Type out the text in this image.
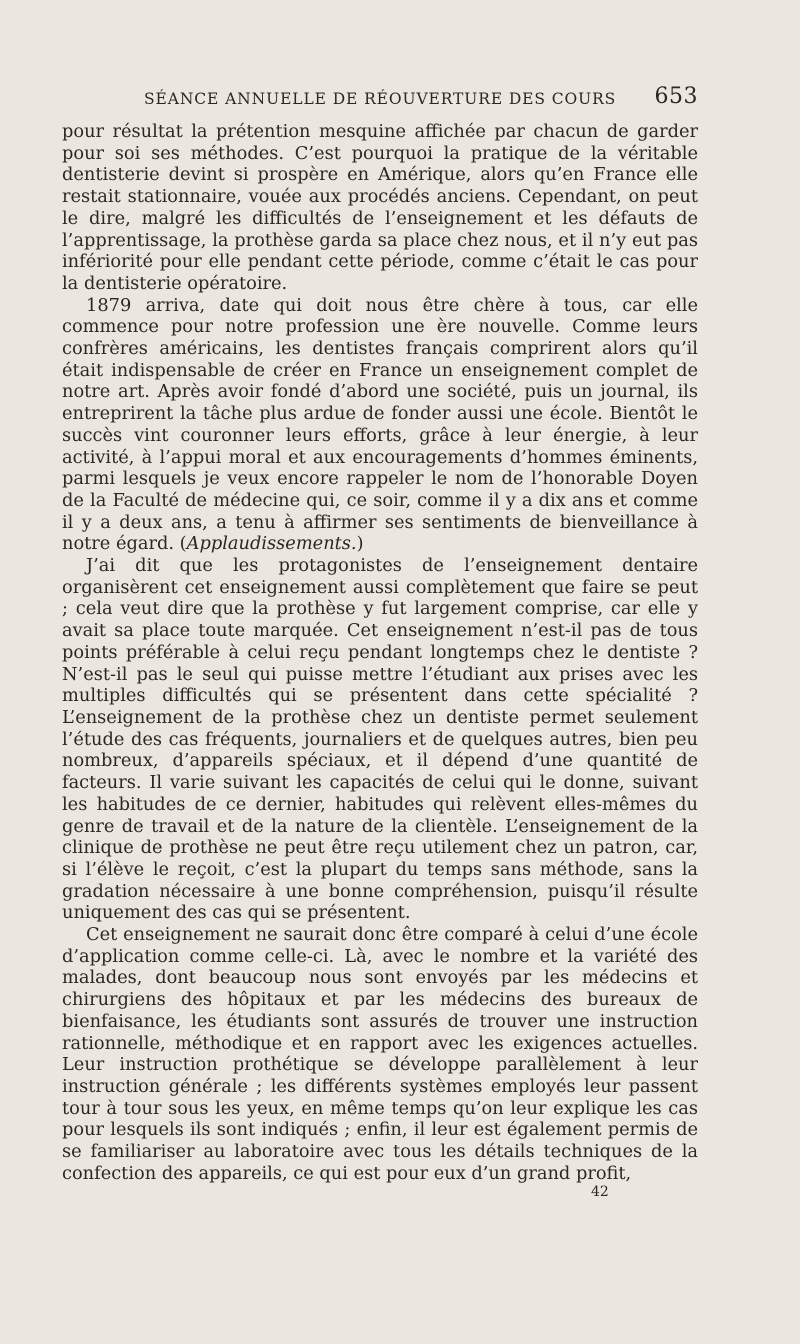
SÉANCE ANNUELLE DE RÉOUVERTURE DES COURS 653

pour résultat la prétention mesquine affichée par chacun de garder pour soi ses méthodes. C’est pourquoi la pratique de la véritable dentisterie devint si prospère en Amérique, alors qu’en France elle restait stationnaire, vouée aux procédés anciens. Cependant, on peut le dire, malgré les difficultés de l’enseignement et les défauts de l’apprentissage, la prothèse garda sa place chez nous, et il n’y eut pas infériorité pour elle pendant cette période, comme c’était le cas pour la dentisterie opératoire.

1879 arriva, date qui doit nous être chère à tous, car elle commence pour notre profession une ère nouvelle. Comme leurs confrères américains, les dentistes français comprirent alors qu’il était indispensable de créer en France un enseignement complet de notre art. Après avoir fondé d’abord une société, puis un journal, ils entreprirent la tâche plus ardue de fonder aussi une école. Bientôt le succès vint couronner leurs efforts, grâce à leur énergie, à leur activité, à l’appui moral et aux encouragements d’hommes éminents, parmi lesquels je veux encore rappeler le nom de l’honorable Doyen de la Faculté de médecine qui, ce soir, comme il y a dix ans et comme il y a deux ans, a tenu à affirmer ses sentiments de bienveillance à notre égard. (Applaudissements.)

J’ai dit que les protagonistes de l’enseignement dentaire organisèrent cet enseignement aussi complètement que faire se peut ; cela veut dire que la prothèse y fut largement comprise, car elle y avait sa place toute marquée. Cet enseignement n’est-il pas de tous points préférable à celui reçu pendant longtemps chez le dentiste ? N’est-il pas le seul qui puisse mettre l’étudiant aux prises avec les multiples difficultés qui se présentent dans cette spécialité ? L’enseignement de la prothèse chez un dentiste permet seulement l’étude des cas fréquents, journaliers et de quelques autres, bien peu nombreux, d’appareils spéciaux, et il dépend d’une quantité de facteurs. Il varie suivant les capacités de celui qui le donne, suivant les habitudes de ce dernier, habitudes qui relèvent elles-mêmes du genre de travail et de la nature de la clientèle. L’enseignement de la clinique de prothèse ne peut être reçu utilement chez un patron, car, si l’élève le reçoit, c’est la plupart du temps sans méthode, sans la gradation nécessaire à une bonne compréhension, puisqu’il résulte uniquement des cas qui se présentent.

Cet enseignement ne saurait donc être comparé à celui d’une école d’application comme celle-ci. Là, avec le nombre et la variété des malades, dont beaucoup nous sont envoyés par les médecins et chirurgiens des hôpitaux et par les médecins des bureaux de bienfaisance, les étudiants sont assurés de trouver une instruction rationnelle, méthodique et en rapport avec les exigences actuelles. Leur instruction prothétique se développe parallèlement à leur instruction générale ; les différents systèmes employés leur passent tour à tour sous les yeux, en même temps qu’on leur explique les cas pour lesquels ils sont indiqués ; enfin, il leur est également permis de se familiariser au laboratoire avec tous les détails techniques de la confection des appareils, ce qui est pour eux d’un grand profit,

42
